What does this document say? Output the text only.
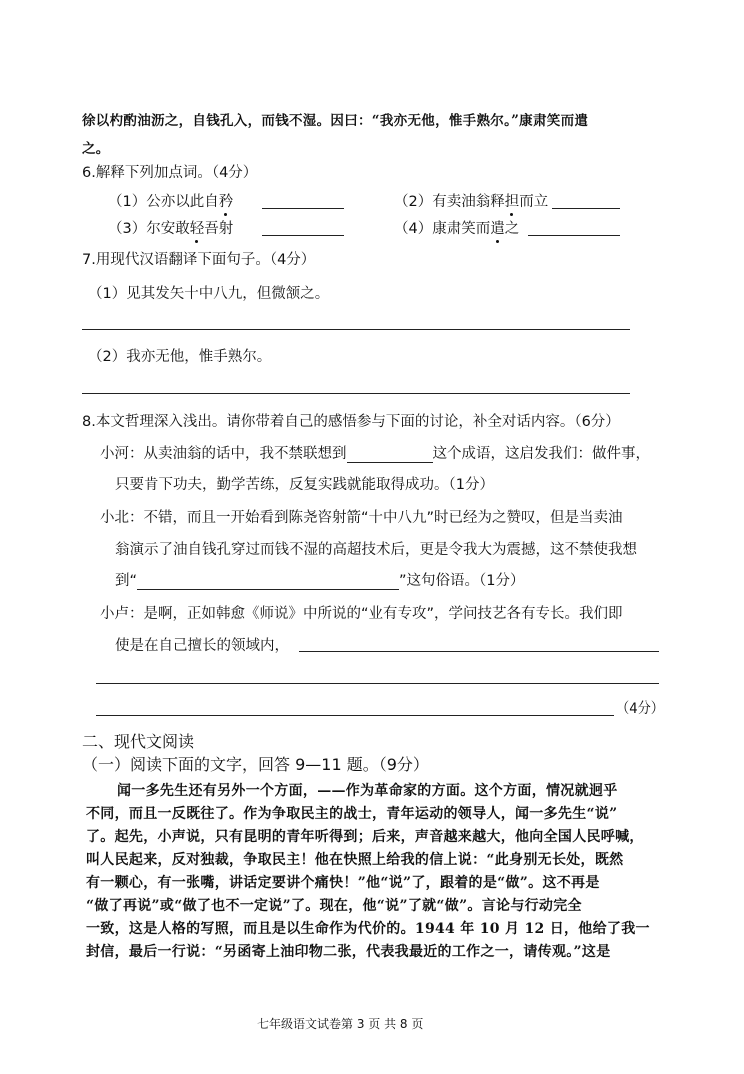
徐以杓酌油沥之，自钱孔入，而钱不湿。因曰：“我亦无他，惟手熟尔。”康肃笑而遣
之。
6.解释下列加点词。（4分）
（1）公亦以此自矜	（2）有卖油翁释担而立
（3）尔安敢轻吾射	（4）康肃笑而遣之
7.用现代汉语翻译下面句子。（4分）
（1）见其发矢十中八九，但微颔之。
（2）我亦无他，惟手熟尔。
8.本文哲理深入浅出。请你带着自己的感悟参与下面的讨论，补全对话内容。（6分）
小河：从卖油翁的话中，我不禁联想到	这个成语，这启发我们：做件事，
只要肯下功夫，勤学苦练，反复实践就能取得成功。（1分）
小北：不错，而且一开始看到陈尧咨射箭“十中八九”时已经为之赞叹，但是当卖油
翁演示了油自钱孔穿过而钱不湿的高超技术后，更是令我大为震撼，这不禁使我想
到“	”这句俗语。（1分）
小卢：是啊，正如韩愈《师说》中所说的“业有专攻”，学问技艺各有专长。我们即
使是在自己擅长的领域内，
（4分）
二、现代文阅读
（一）阅读下面的文字，回答 9—11 题。（9分）
闻一多先生还有另外一个方面，——作为革命家的方面。这个方面，情况就迥乎
不同，而且一反既往了。作为争取民主的战士，青年运动的领导人，闻一多先生“说”
了。起先，小声说，只有昆明的青年听得到；后来，声音越来越大，他向全国人民呼喊，
叫人民起来，反对独裁，争取民主！他在快照上给我的信上说：“此身别无长处，既然
有一颗心，有一张嘴，讲话定要讲个痛快！”他“说”了，跟着的是“做”。这不再是
“做了再说”或“做了也不一定说”了。现在，他“说”了就“做”。言论与行动完全
一致，这是人格的写照，而且是以生命作为代价的。1944 年 10 月 12 日，他给了我一
封信，最后一行说：“另函寄上油印物二张，代表我最近的工作之一，请传观。”这是
七年级语文试卷第 3 页 共 8 页
